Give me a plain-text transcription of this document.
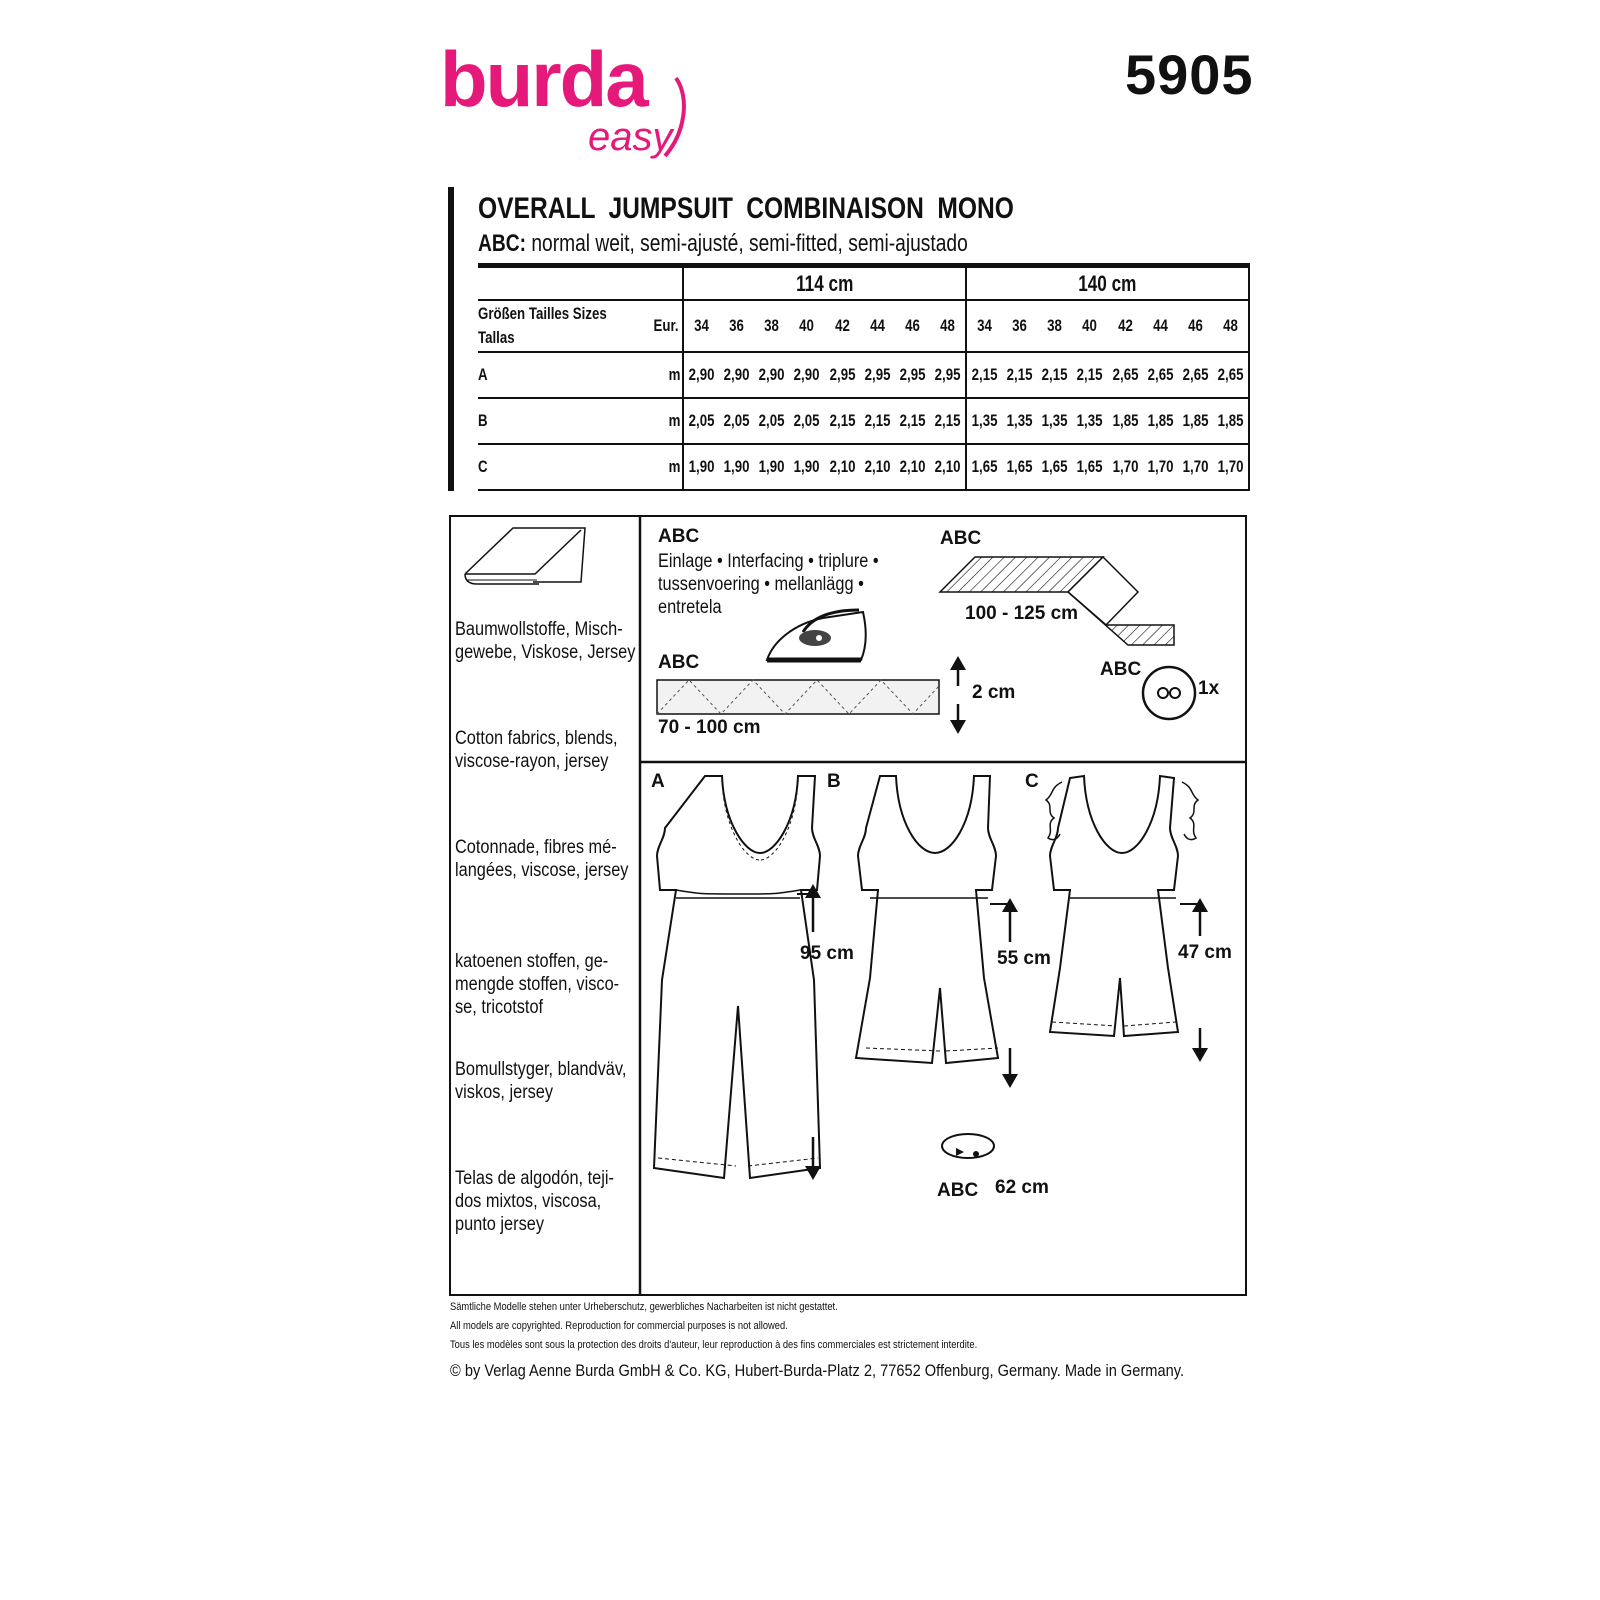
burda
easy
5905
OVERALL JUMPSUIT COMBINAISON MONO
ABC: normal weit, semi-ajusté, semi-fitted, semi-ajustado
		114 cm								140 cm							

Größen Tailles Sizes
Tallas	Eur.	34	36	38	40	42	44	46	48	34	36	38	40	42	44	46	48
A	m	2,90	2,90	2,90	2,90	2,95	2,95	2,95	2,95	2,15	2,15	2,15	2,15	2,65	2,65	2,65	2,65
B	m	2,05	2,05	2,05	2,05	2,15	2,15	2,15	2,15	1,35	1,35	1,35	1,35	1,85	1,85	1,85	1,85
C	m	1,90	1,90	1,90	1,90	2,10	2,10	2,10	2,10	1,65	1,65	1,65	1,65	1,70	1,70	1,70	1,70
Baumwollstoffe, Misch-
gewebe, Viskose, Jersey
Cotton fabrics, blends,
viscose-rayon, jersey
Cotonnade, fibres mé-
langées, viscose, jersey
katoenen stoffen, ge-
mengde stoffen, visco-
se, tricotstof
Bomullstyger, blandväv,
viskos, jersey
Telas de algodón, teji-
dos mixtos, viscosa,
punto jersey
ABC
Einlage • Interfacing • triplure •
tussenvoering • mellanlägg •
entretela
ABC
70 - 100 cm
2 cm
ABC
100 - 125 cm
ABC
1x
A	B	C
95 cm	55 cm	47 cm
ABC 62 cm
Sämtliche Modelle stehen unter Urheberschutz, gewerbliches Nacharbeiten ist nicht gestattet.
All models are copyrighted. Reproduction for commercial purposes is not allowed.
Tous les modèles sont sous la protection des droits d'auteur, leur reproduction à des fins commerciales est strictement interdite.
© by Verlag Aenne Burda GmbH & Co. KG, Hubert-Burda-Platz 2, 77652 Offenburg, Germany. Made in Germany.
